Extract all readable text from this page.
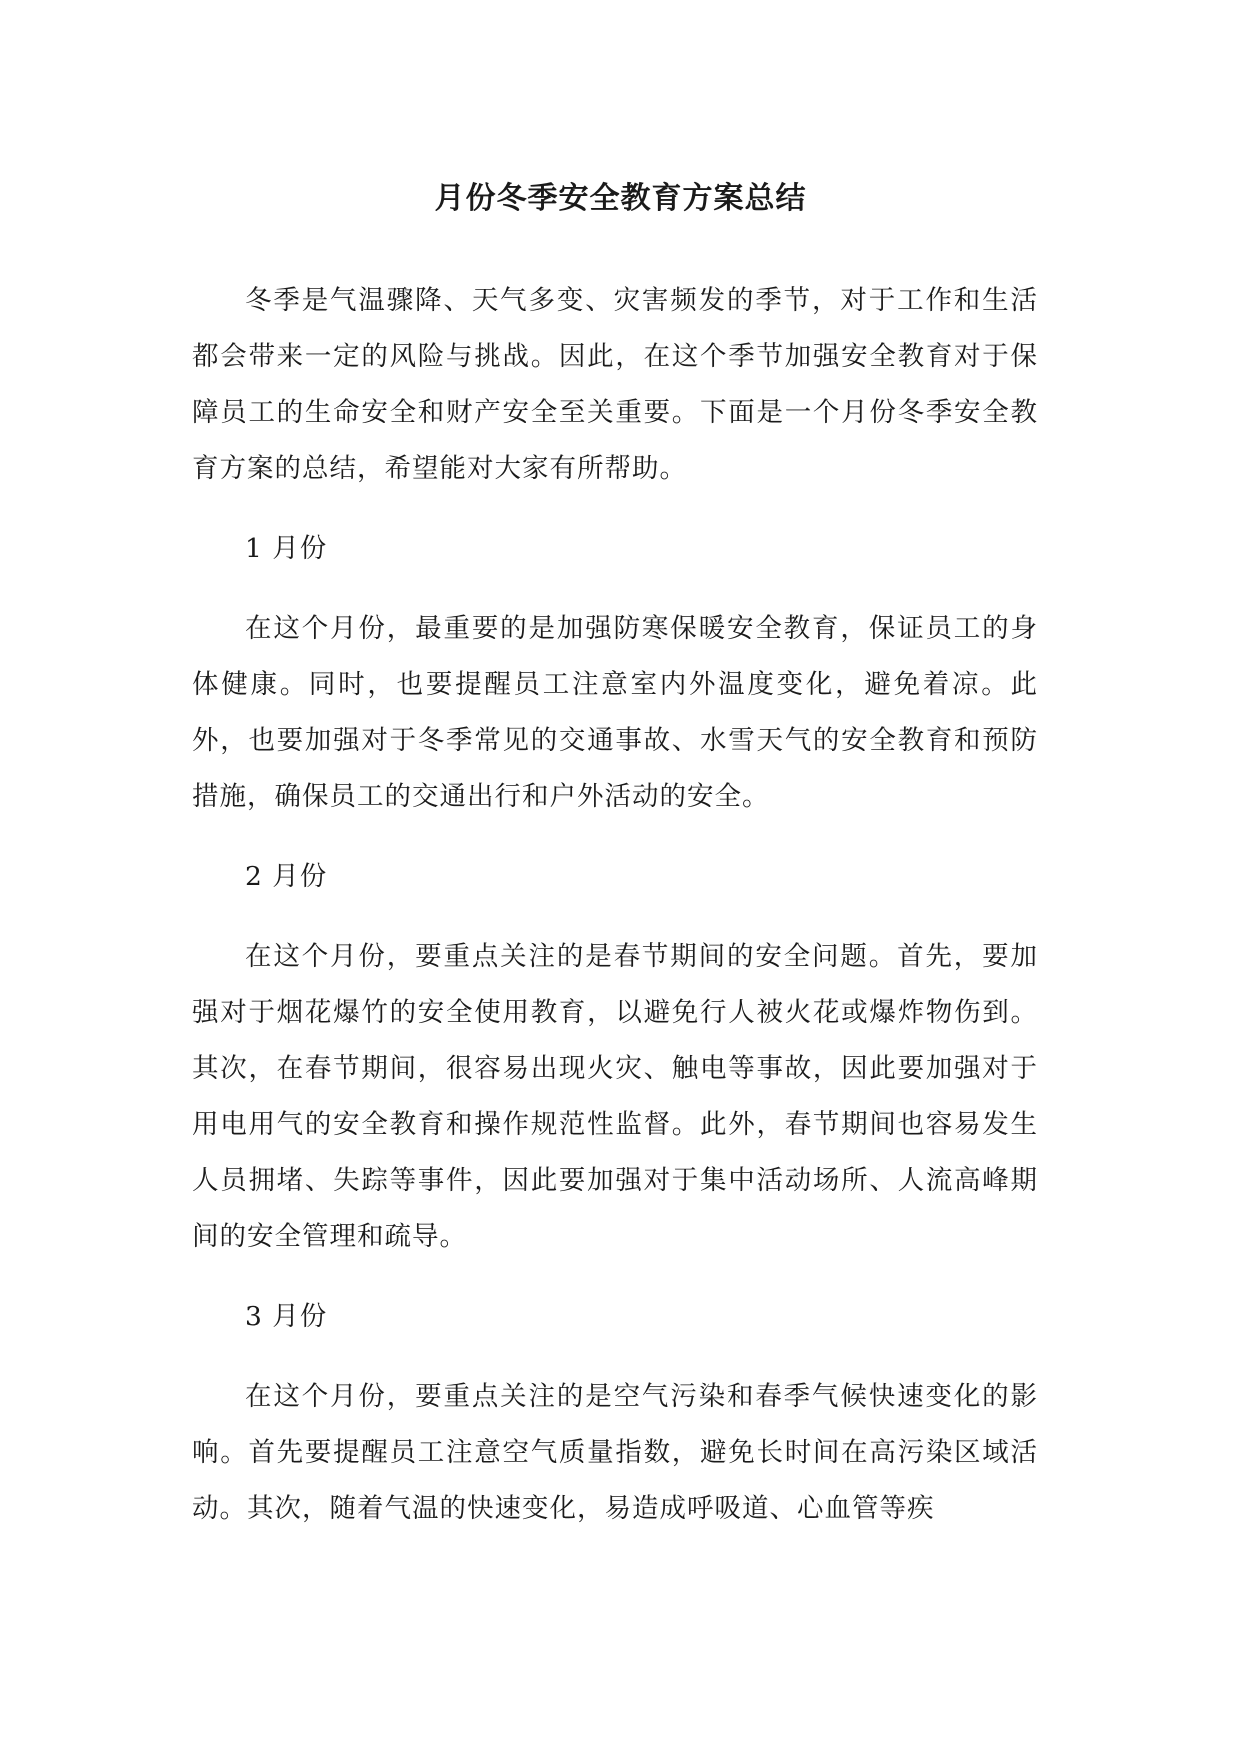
月份冬季安全教育方案总结

冬季是气温骤降、天气多变、灾害频发的季节，对于工作和生活都会带来一定的风险与挑战。因此，在这个季节加强安全教育对于保障员工的生命安全和财产安全至关重要。下面是一个月份冬季安全教育方案的总结，希望能对大家有所帮助。

1 月份

在这个月份，最重要的是加强防寒保暖安全教育，保证员工的身体健康。同时，也要提醒员工注意室内外温度变化，避免着凉。此外，也要加强对于冬季常见的交通事故、水雪天气的安全教育和预防措施，确保员工的交通出行和户外活动的安全。

2 月份

在这个月份，要重点关注的是春节期间的安全问题。首先，要加强对于烟花爆竹的安全使用教育，以避免行人被火花或爆炸物伤到。其次，在春节期间，很容易出现火灾、触电等事故，因此要加强对于用电用气的安全教育和操作规范性监督。此外，春节期间也容易发生人员拥堵、失踪等事件，因此要加强对于集中活动场所、人流高峰期间的安全管理和疏导。

3 月份

在这个月份，要重点关注的是空气污染和春季气候快速变化的影响。首先要提醒员工注意空气质量指数，避免长时间在高污染区域活动。其次，随着气温的快速变化，易造成呼吸道、心血管等疾
